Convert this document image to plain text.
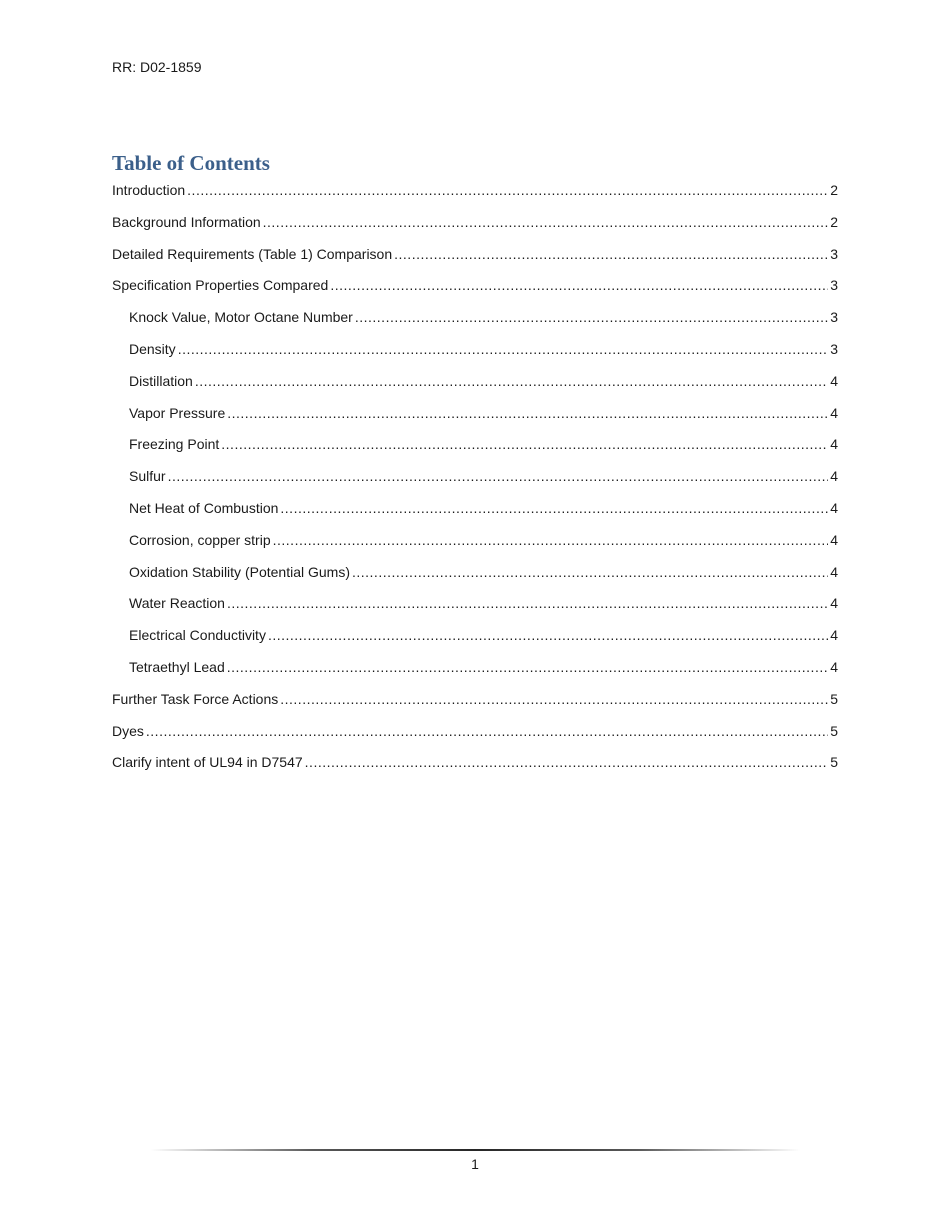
RR: D02-1859
Table of Contents
Introduction .....	2
Background Information .....	2
Detailed Requirements (Table 1) Comparison .....	3
Specification Properties Compared .....	3
Knock Value, Motor Octane Number .....	3
Density .....	3
Distillation .....	4
Vapor Pressure .....	4
Freezing Point .....	4
Sulfur .....	4
Net Heat of Combustion .....	4
Corrosion, copper strip .....	4
Oxidation Stability (Potential Gums) .....	4
Water Reaction .....	4
Electrical Conductivity .....	4
Tetraethyl Lead .....	4
Further Task Force Actions .....	5
Dyes .....	5
Clarify intent of UL94 in D7547 .....	5
1
